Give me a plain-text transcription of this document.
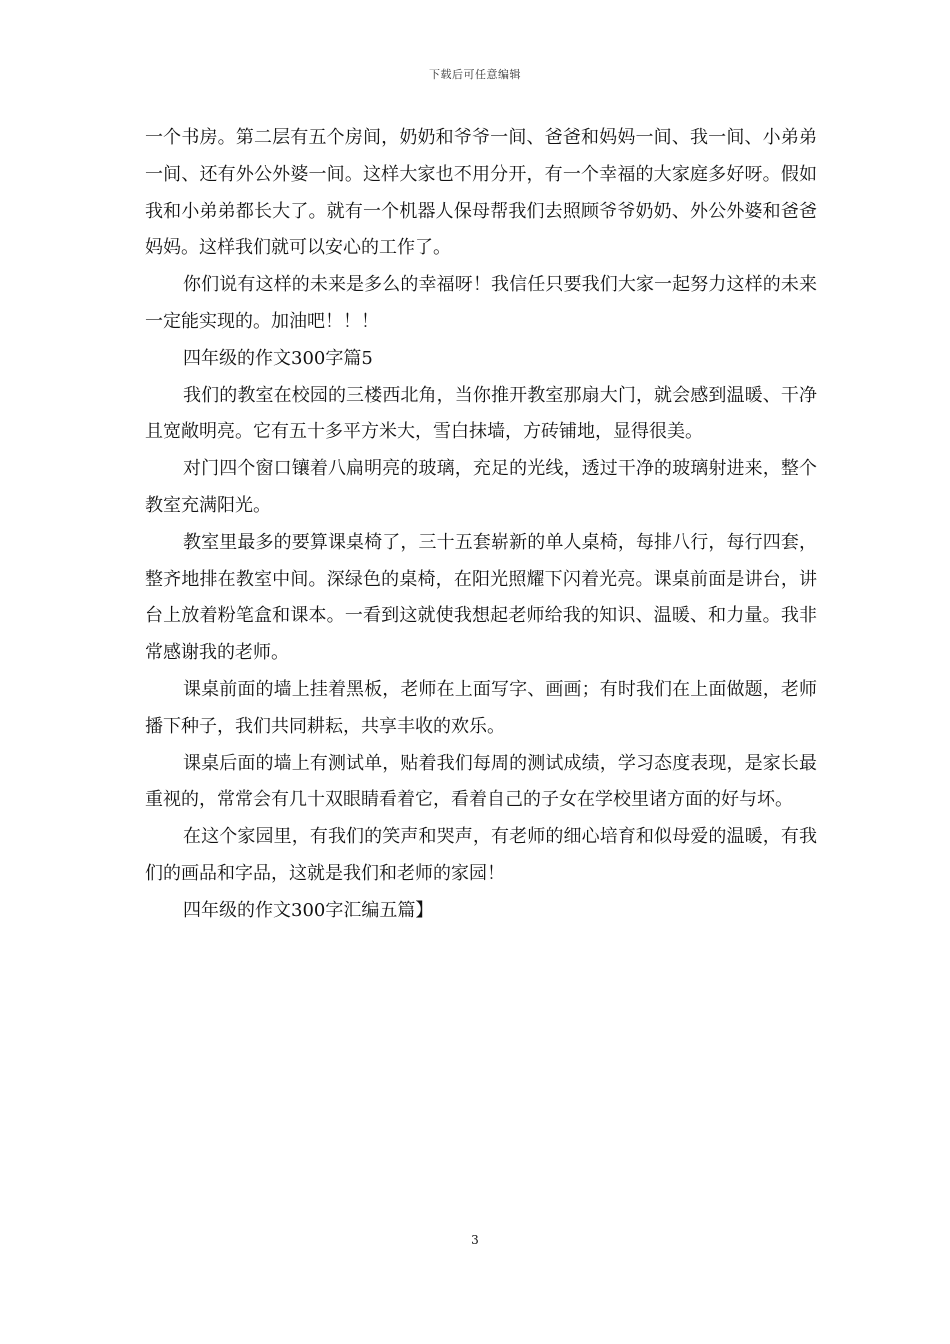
下载后可任意编辑

一个书房。第二层有五个房间，奶奶和爷爷一间、爸爸和妈妈一间、我一间、小弟弟一间、还有外公外婆一间。这样大家也不用分开，有一个幸福的大家庭多好呀。假如我和小弟弟都长大了。就有一个机器人保母帮我们去照顾爷爷奶奶、外公外婆和爸爸妈妈。这样我们就可以安心的工作了。

你们说有这样的未来是多么的幸福呀！我信任只要我们大家一起努力这样的未来一定能实现的。加油吧！！！

四年级的作文300字篇5

我们的教室在校园的三楼西北角，当你推开教室那扇大门，就会感到温暖、干净且宽敞明亮。它有五十多平方米大，雪白抹墙，方砖铺地，显得很美。

对门四个窗口镶着八扁明亮的玻璃，充足的光线，透过干净的玻璃射进来，整个教室充满阳光。

教室里最多的要算课桌椅了，三十五套崭新的单人桌椅，每排八行，每行四套，整齐地排在教室中间。深绿色的桌椅，在阳光照耀下闪着光亮。课桌前面是讲台，讲台上放着粉笔盒和课本。一看到这就使我想起老师给我的知识、温暖、和力量。我非常感谢我的老师。

课桌前面的墙上挂着黑板，老师在上面写字、画画；有时我们在上面做题，老师播下种子，我们共同耕耘，共享丰收的欢乐。

课桌后面的墙上有测试单，贴着我们每周的测试成绩，学习态度表现，是家长最重视的，常常会有几十双眼睛看着它，看着自己的子女在学校里诸方面的好与坏。

在这个家园里，有我们的笑声和哭声，有老师的细心培育和似母爱的温暖，有我们的画品和字品，这就是我们和老师的家园！

四年级的作文300字汇编五篇】

3
